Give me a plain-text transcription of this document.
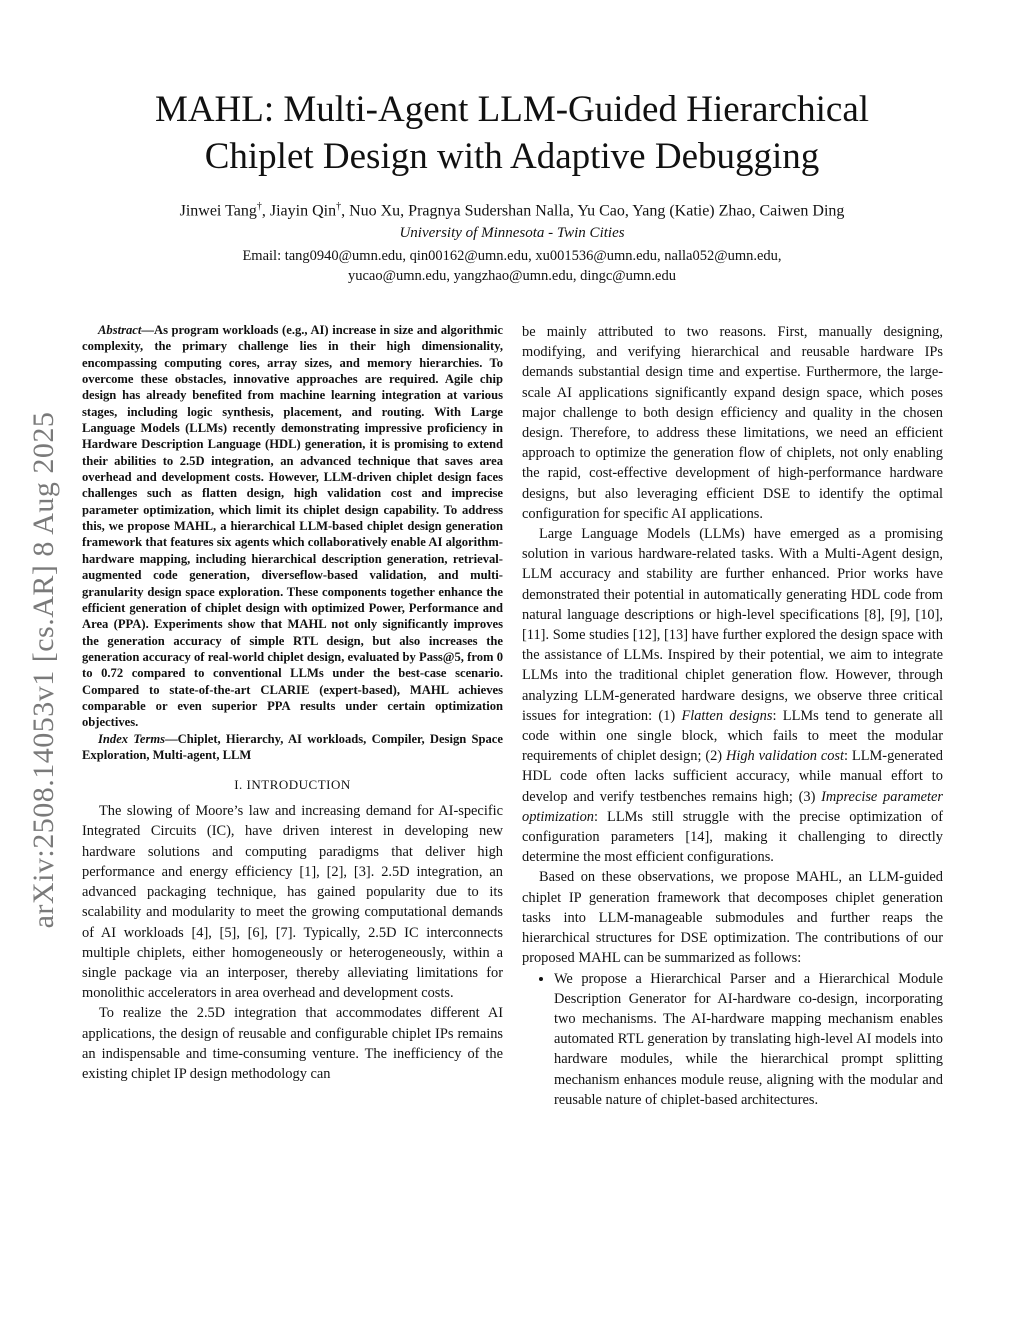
arXiv:2508.14053v1 [cs.AR] 8 Aug 2025
MAHL: Multi-Agent LLM-Guided Hierarchical
Chiplet Design with Adaptive Debugging
Jinwei Tang†, Jiayin Qin†, Nuo Xu, Pragnya Sudershan Nalla, Yu Cao, Yang (Katie) Zhao, Caiwen Ding
University of Minnesota - Twin Cities
Email: tang0940@umn.edu, qin00162@umn.edu, xu001536@umn.edu, nalla052@umn.edu,
yucao@umn.edu, yangzhao@umn.edu, dingc@umn.edu

Abstract—As program workloads (e.g., AI) increase in size and algorithmic complexity, the primary challenge lies in their high dimensionality, encompassing computing cores, array sizes, and memory hierarchies. To overcome these obstacles, innovative approaches are required. Agile chip design has already benefited from machine learning integration at various stages, including logic synthesis, placement, and routing. With Large Language Models (LLMs) recently demonstrating impressive proficiency in Hardware Description Language (HDL) generation, it is promising to extend their abilities to 2.5D integration, an advanced technique that saves area overhead and development costs. However, LLM-driven chiplet design faces challenges such as flatten design, high validation cost and imprecise parameter optimization, which limit its chiplet design capability. To address this, we propose MAHL, a hierarchical LLM-based chiplet design generation framework that features six agents which collaboratively enable AI algorithm-hardware mapping, including hierarchical description generation, retrieval-augmented code generation, diverseflow-based validation, and multi-granularity design space exploration. These components together enhance the efficient generation of chiplet design with optimized Power, Performance and Area (PPA). Experiments show that MAHL not only significantly improves the generation accuracy of simple RTL design, but also increases the generation accuracy of real-world chiplet design, evaluated by Pass@5, from 0 to 0.72 compared to conventional LLMs under the best-case scenario. Compared to state-of-the-art CLARIE (expert-based), MAHL achieves comparable or even superior PPA results under certain optimization objectives.

Index Terms—Chiplet, Hierarchy, AI workloads, Compiler, Design Space Exploration, Multi-agent, LLM

I. INTRODUCTION

The slowing of Moore’s law and increasing demand for AI-specific Integrated Circuits (IC), have driven interest in developing new hardware solutions and computing paradigms that deliver high performance and energy efficiency [1], [2], [3]. 2.5D integration, an advanced packaging technique, has gained popularity due to its scalability and modularity to meet the growing computational demands of AI workloads [4], [5], [6], [7]. Typically, 2.5D IC interconnects multiple chiplets, either homogeneously or heterogeneously, within a single package via an interposer, thereby alleviating limitations for monolithic accelerators in area overhead and development costs.

To realize the 2.5D integration that accommodates different AI applications, the design of reusable and configurable chiplet IPs remains an indispensable and time-consuming venture. The inefficiency of the existing chiplet IP design methodology can

be mainly attributed to two reasons. First, manually designing, modifying, and verifying hierarchical and reusable hardware IPs demands substantial design time and expertise. Furthermore, the large-scale AI applications significantly expand design space, which poses major challenge to both design efficiency and quality in the chosen design. Therefore, to address these limitations, we need an efficient approach to optimize the generation flow of chiplets, not only enabling the rapid, cost-effective development of high-performance hardware designs, but also leveraging efficient DSE to identify the optimal configuration for specific AI applications.

Large Language Models (LLMs) have emerged as a promising solution in various hardware-related tasks. With a Multi-Agent design, LLM accuracy and stability are further enhanced. Prior works have demonstrated their potential in automatically generating HDL code from natural language descriptions or high-level specifications [8], [9], [10], [11]. Some studies [12], [13] have further explored the design space with the assistance of LLMs. Inspired by their potential, we aim to integrate LLMs into the traditional chiplet generation flow. However, through analyzing LLM-generated hardware designs, we observe three critical issues for integration: (1) Flatten designs: LLMs tend to generate all code within one single block, which fails to meet the modular requirements of chiplet design; (2) High validation cost: LLM-generated HDL code often lacks sufficient accuracy, while manual effort to develop and verify testbenches remains high; (3) Imprecise parameter optimization: LLMs still struggle with the precise optimization of configuration parameters [14], making it challenging to directly determine the most efficient configurations.

Based on these observations, we propose MAHL, an LLM-guided chiplet IP generation framework that decomposes chiplet generation tasks into LLM-manageable submodules and further reaps the hierarchical structures for DSE optimization. The contributions of our proposed MAHL can be summarized as follows:

• We propose a Hierarchical Parser and a Hierarchical Module Description Generator for AI-hardware co-design, incorporating two mechanisms. The AI-hardware mapping mechanism enables automated RTL generation by translating high-level AI models into hardware modules, while the hierarchical prompt splitting mechanism enhances module reuse, aligning with the modular and reusable nature of chiplet-based architectures.
